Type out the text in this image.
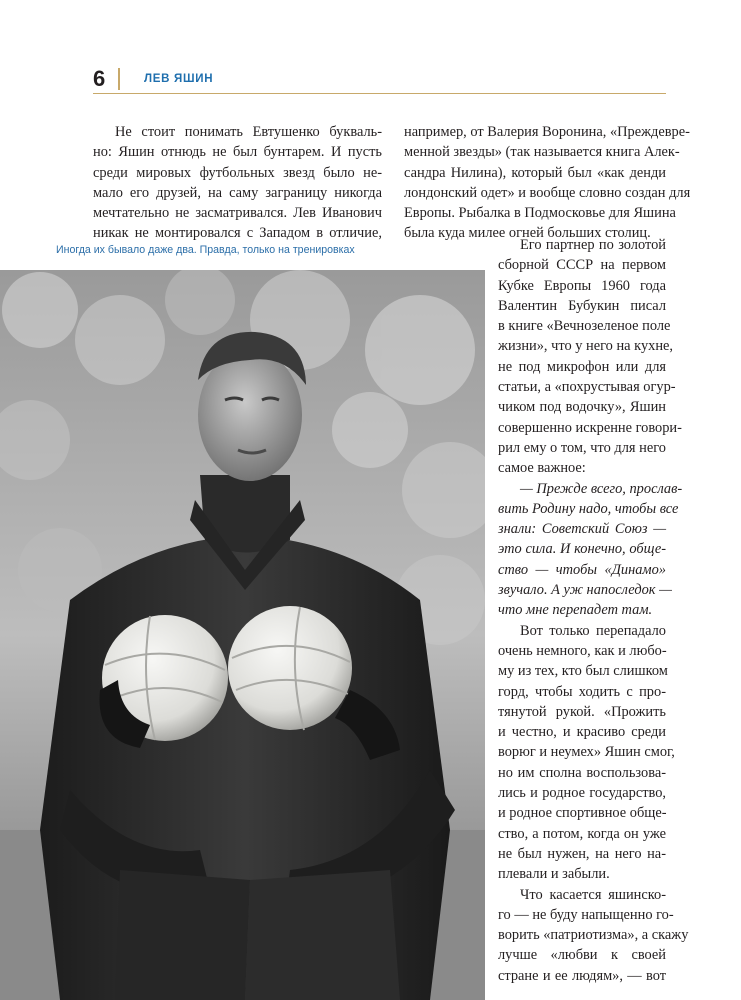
6	ЛЕВ ЯШИН
Не стоит понимать Евтушенко букваль-
но: Яшин отнюдь не был бунтарем. И пусть
среди мировых футбольных звезд было не-
мало его друзей, на саму заграницу никогда
мечтательно не засматривался. Лев Иванович
никак не монтировался с Западом в отличие,
Иногда их бывало даже два. Правда, только на тренировках
например, от Валерия Воронина, «Преждевре-
менной звезды» (так называется книга Алек-
сандра Нилина), который был «как денди
лондонский одет» и вообще словно создан для
Европы. Рыбалка в Подмосковье для Яшина
была куда милее огней больших столиц.
Его партнер по золотой
сборной СССР на первом
Кубке Европы 1960 года
Валентин Бубукин писал
в книге «Вечнозеленое поле
жизни», что у него на кухне,
не под микрофон или для
статьи, а «похрустывая огур-
чиком под водочку», Яшин
совершенно искренне говори-
рил ему о том, что для него
самое важное:
— Прежде всего, прослав-
вить Родину надо, чтобы все
знали: Советский Союз —
это сила. И конечно, обще-
ство — чтобы «Динамо»
звучало. А уж напоследок —
что мне перепадет там.
Вот только перепадало
очень немного, как и любо-
му из тех, кто был слишком
горд, чтобы ходить с про-
тянутой рукой. «Прожить
и честно, и красиво среди
ворюг и неумех» Яшин смог,
но им сполна воспользова-
лись и родное государство,
и родное спортивное обще-
ство, а потом, когда он уже
не был нужен, на него на-
плевали и забыли.
Что касается яшинско-
го — не буду напыщенно го-
ворить «патриотизма», а скажу
лучше «любви к своей
стране и ее людям», — вот
